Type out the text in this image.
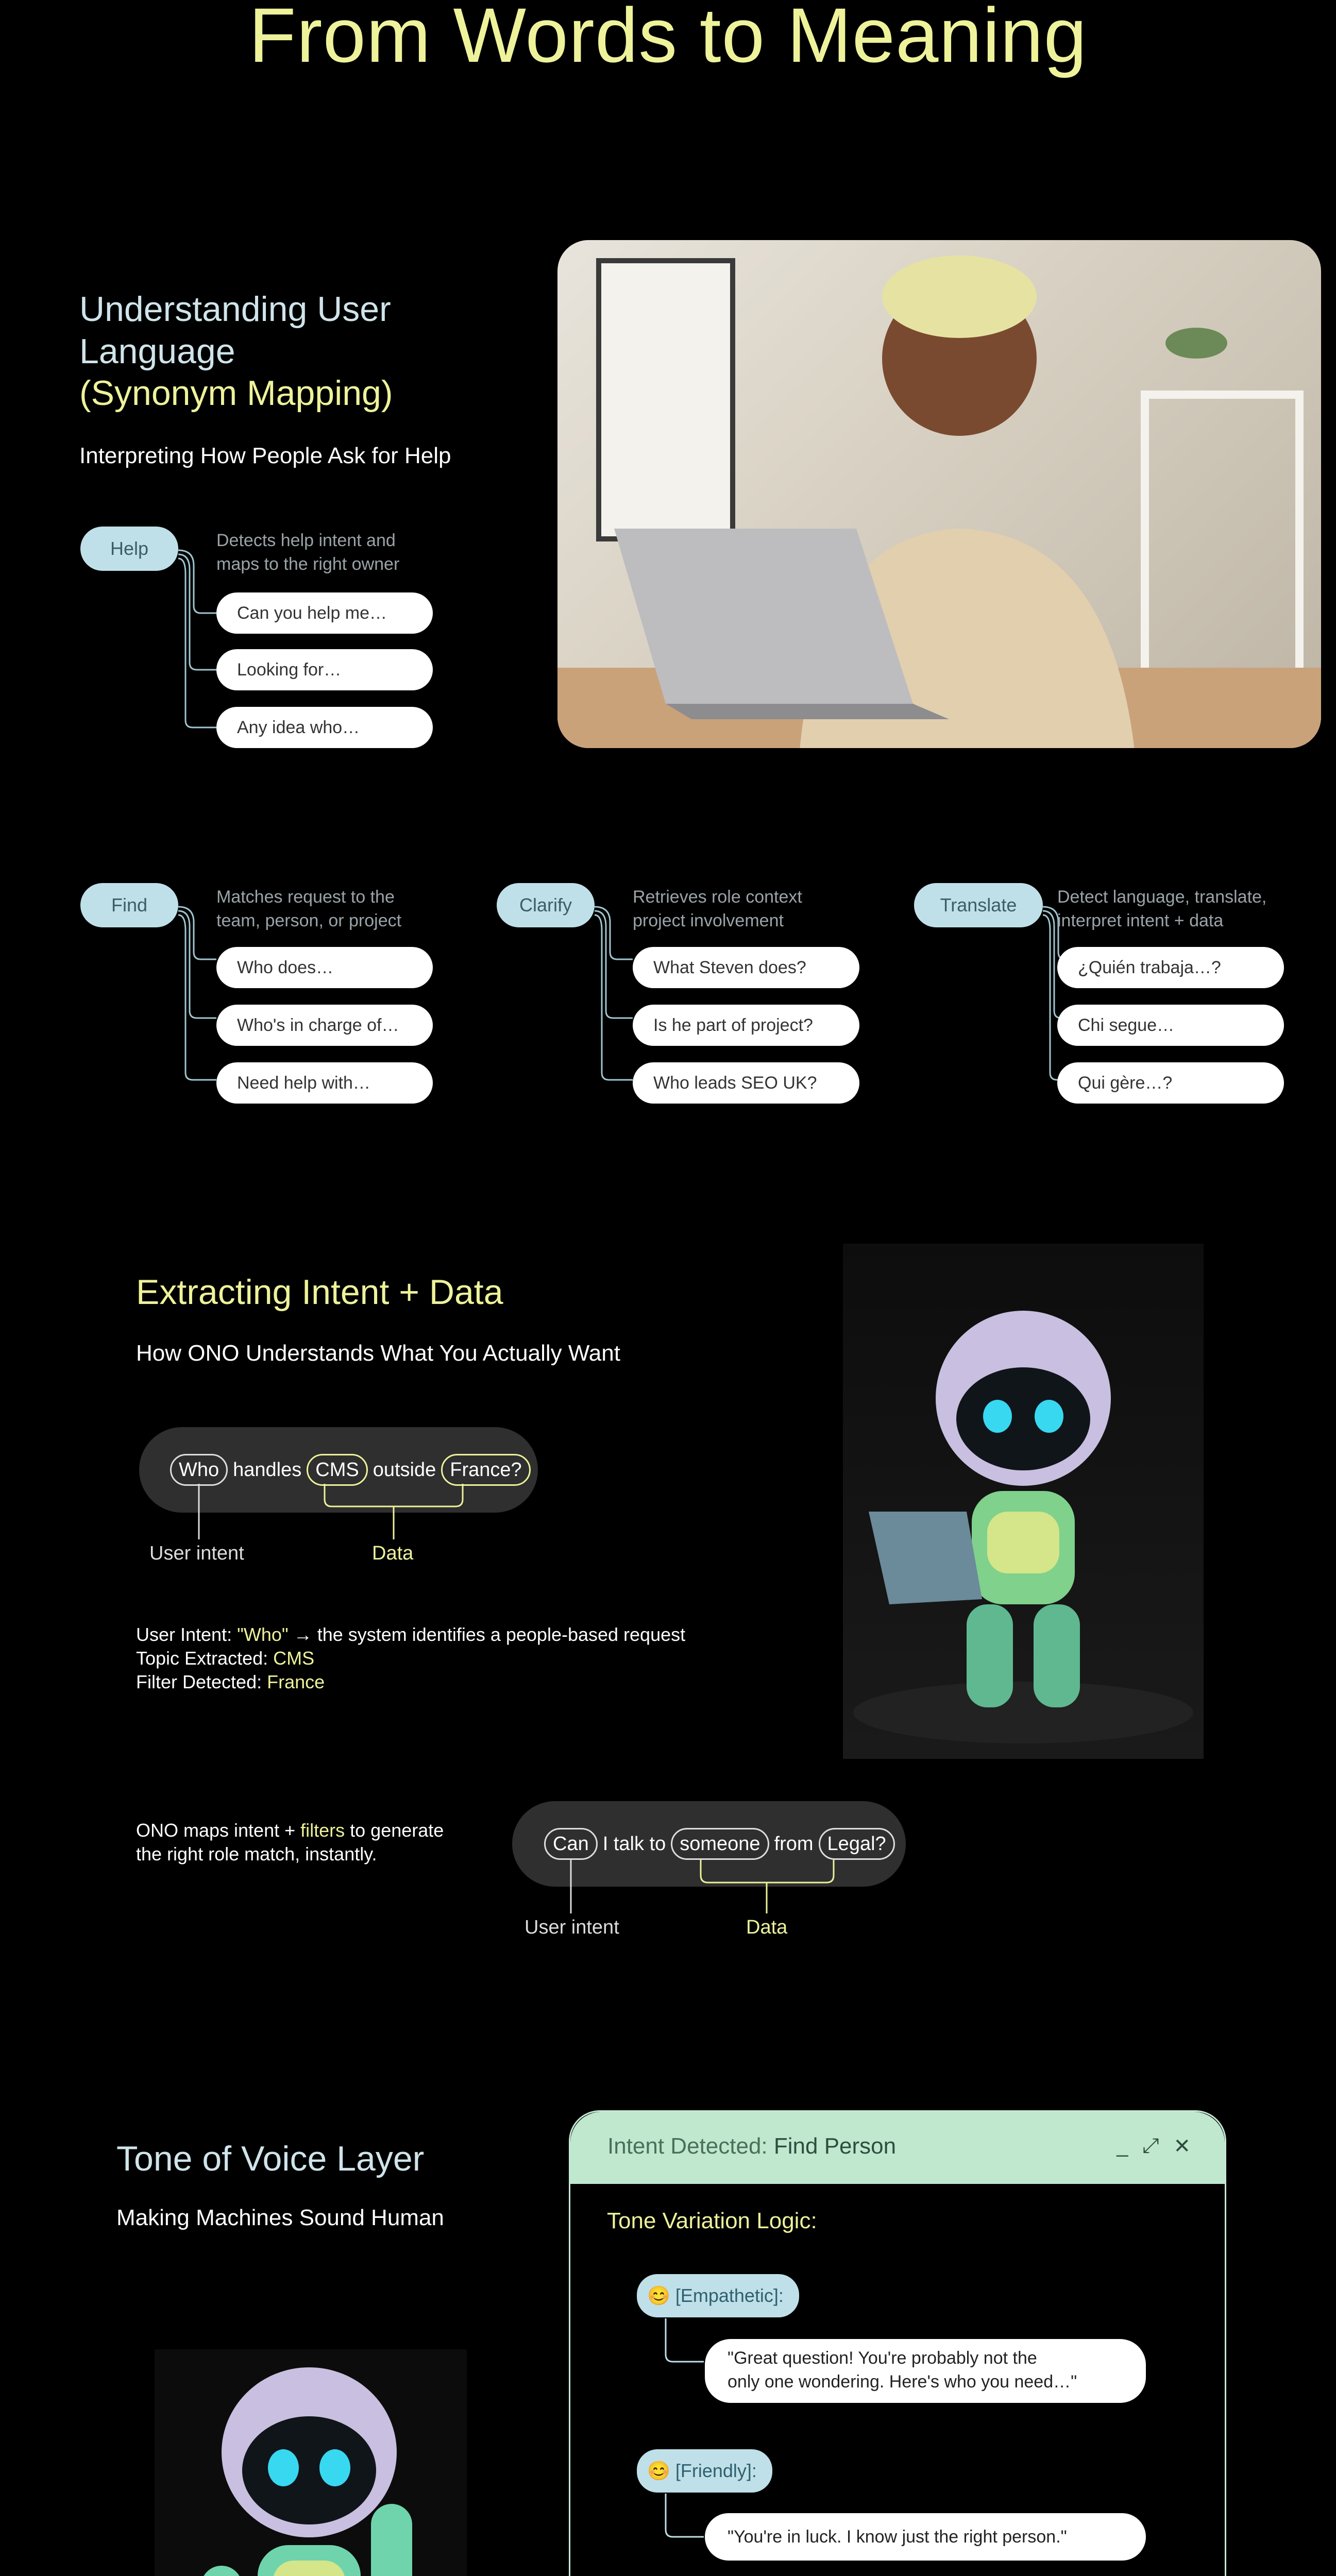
From Words to Meaning
Understanding User
Language
(Synonym Mapping)
Interpreting How People Ask for Help
Help	Detects help intent and
maps to the right owner
Can you help me…
Looking for…
Any idea who…
Find	Matches request to the
team, person, or project
Who does…
Who's in charge of…
Need help with…
Clarify	Retrieves role context
project involvement
What Steven does?
Is he part of project?
Who leads SEO UK?
Translate	Detect language, translate,
interpret intent + data
¿Quién trabaja…?
Chi segue…
Qui gère…?
Extracting Intent + Data
How ONO Understands What You Actually Want
Who handles CMS outside France?
User intent	Data
User Intent: "Who" → the system identifies a people-based request
Topic Extracted: CMS
Filter Detected: France
ONO maps intent + filters to generate
the right role match, instantly.	Can I talk to someone from Legal?
User intent	Data
Tone of Voice Layer
Making Machines Sound Human
Intent Detected: Find Person	_ ⤢ ✕
Tone Variation Logic:
😊 [Empathetic]:
"Great question! You're probably not the
only one wondering. Here's who you need…"
😊 [Friendly]:
"You're in luck. I know just the right person."
